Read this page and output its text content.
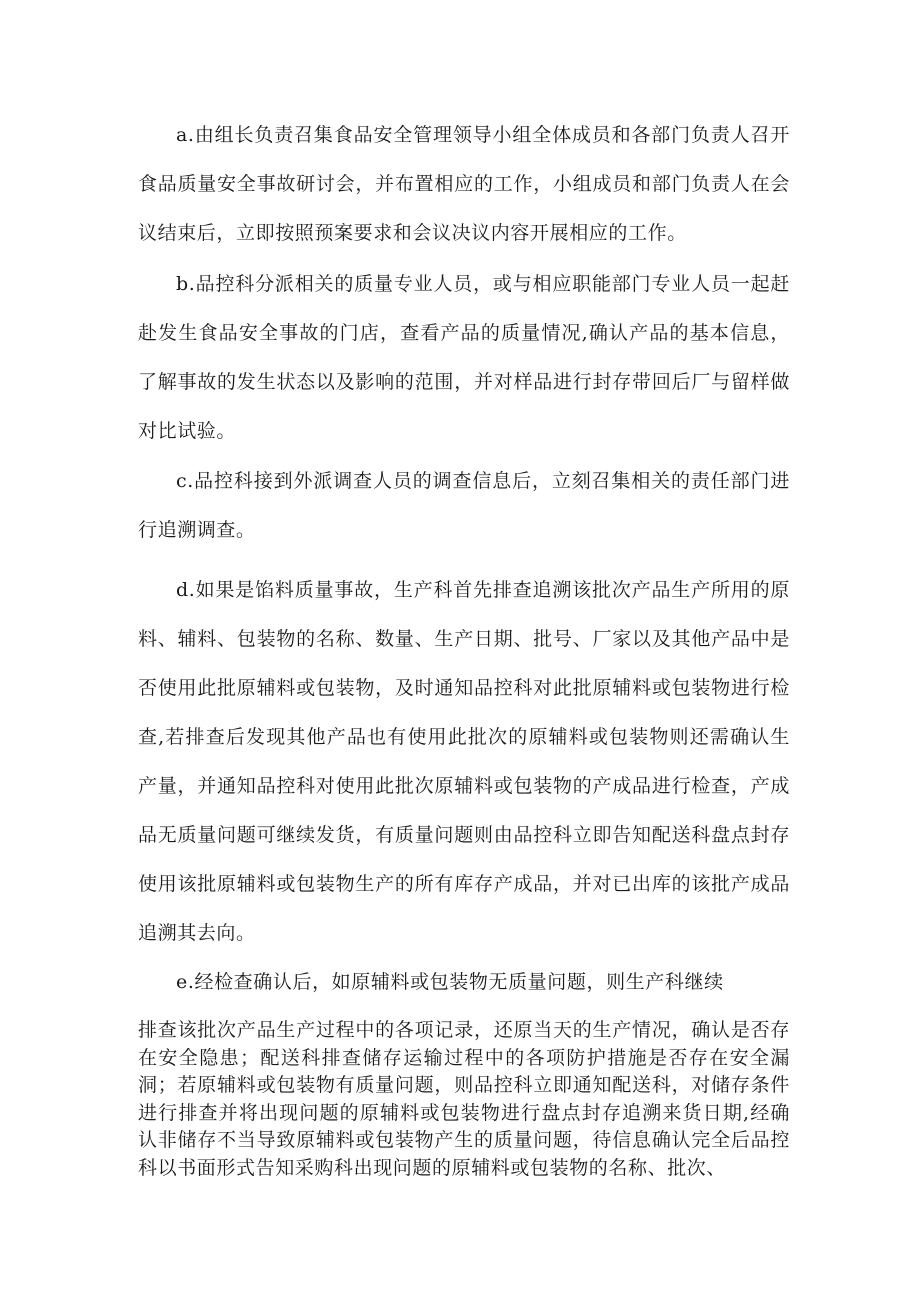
a.由组长负责召集食品安全管理领导小组全体成员和各部门负责人召开食品质量安全事故研讨会，并布置相应的工作，小组成员和部门负责人在会议结束后，立即按照预案要求和会议决议内容开展相应的工作。

b.品控科分派相关的质量专业人员，或与相应职能部门专业人员一起赶赴发生食品安全事故的门店，查看产品的质量情况,确认产品的基本信息，了解事故的发生状态以及影响的范围，并对样品进行封存带回后厂与留样做对比试验。

c.品控科接到外派调查人员的调查信息后，立刻召集相关的责任部门进行追溯调查。

d.如果是馅料质量事故，生产科首先排查追溯该批次产品生产所用的原料、辅料、包装物的名称、数量、生产日期、批号、厂家以及其他产品中是否使用此批原辅料或包装物，及时通知品控科对此批原辅料或包装物进行检查,若排查后发现其他产品也有使用此批次的原辅料或包装物则还需确认生产量，并通知品控科对使用此批次原辅料或包装物的产成品进行检查，产成品无质量问题可继续发货，有质量问题则由品控科立即告知配送科盘点封存使用该批原辅料或包装物生产的所有库存产成品，并对已出库的该批产成品追溯其去向。

e.经检查确认后，如原辅料或包装物无质量问题，则生产科继续

排查该批次产品生产过程中的各项记录，还原当天的生产情况，确认是否存在安全隐患；配送科排查储存运输过程中的各项防护措施是否存在安全漏洞；若原辅料或包装物有质量问题，则品控科立即通知配送科，对储存条件进行排查并将出现问题的原辅料或包装物进行盘点封存追溯来货日期,经确认非储存不当导致原辅料或包装物产生的质量问题，待信息确认完全后品控科以书面形式告知采购科出现问题的原辅料或包装物的名称、批次、
